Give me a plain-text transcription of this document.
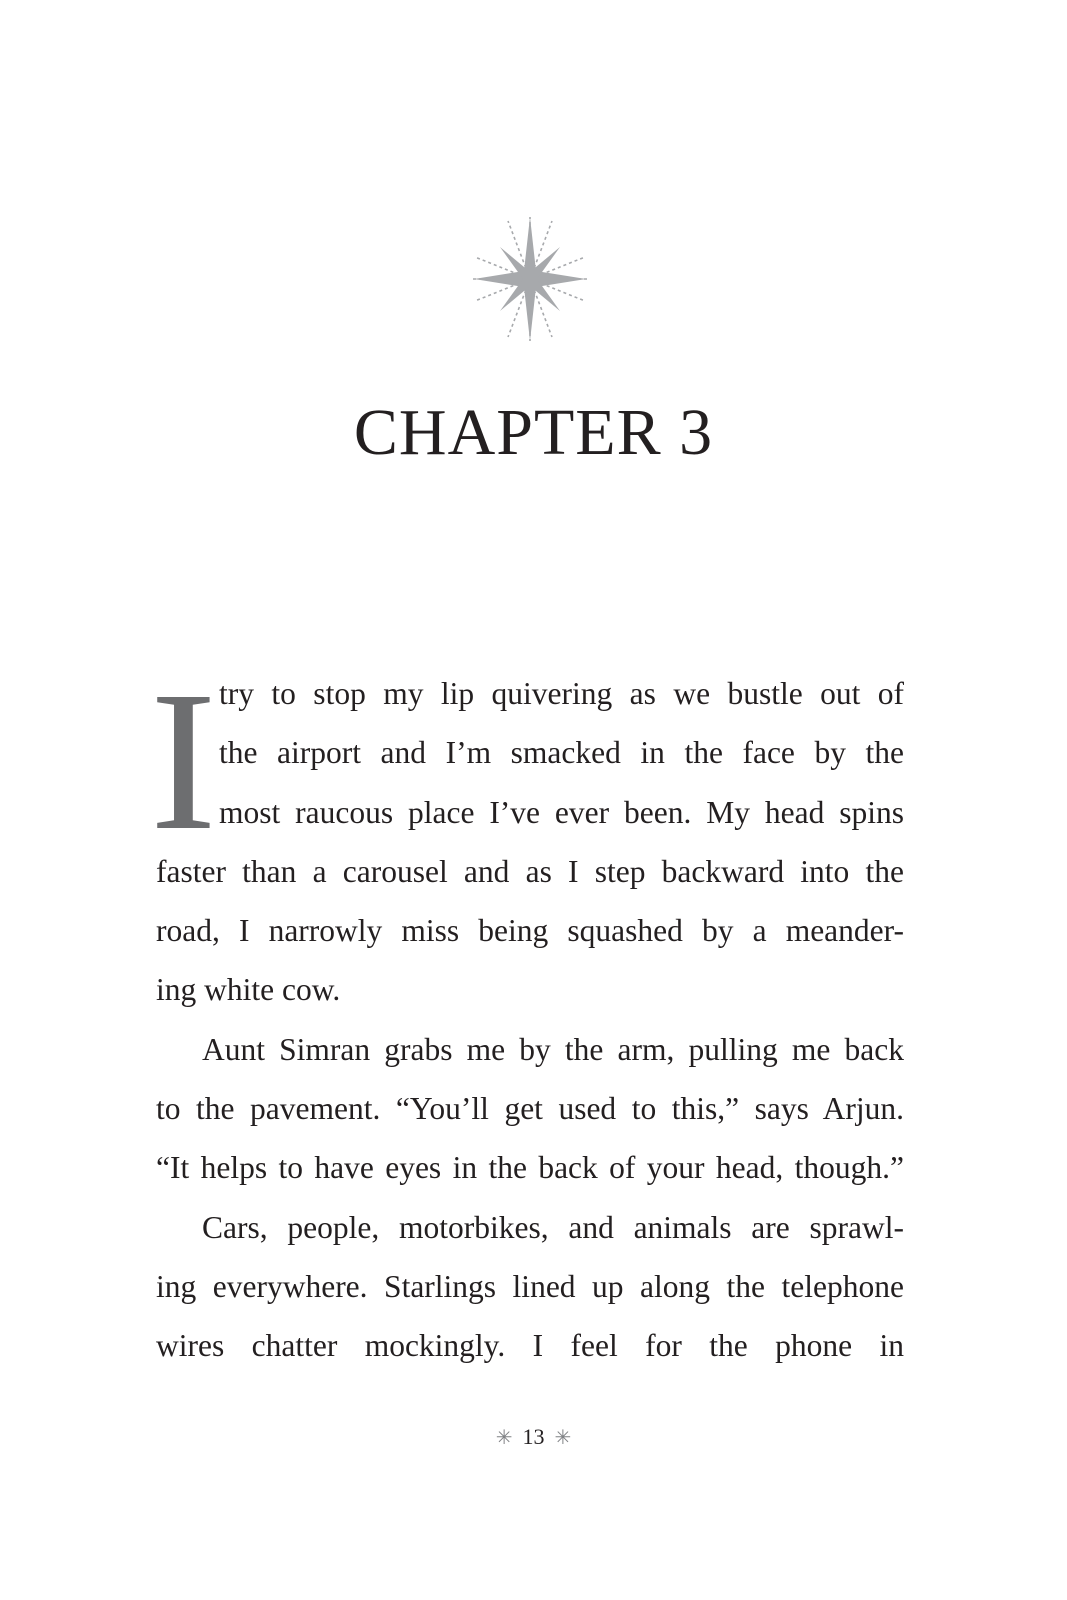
CHAPTER 3
I try to stop my lip quivering as we bustle out of
the airport and I’m smacked in the face by the
most raucous place I’ve ever been. My head spins
faster than a carousel and as I step backward into the
road, I narrowly miss being squashed by a meander-
ing white cow.
Aunt Simran grabs me by the arm, pulling me back
to the pavement. “You’ll get used to this,” says Arjun.
“It helps to have eyes in the back of your head, though.”
Cars, people, motorbikes, and animals are sprawl-
ing everywhere. Starlings lined up along the telephone
wires chatter mockingly. I feel for the phone in
✳ 13 ✳
